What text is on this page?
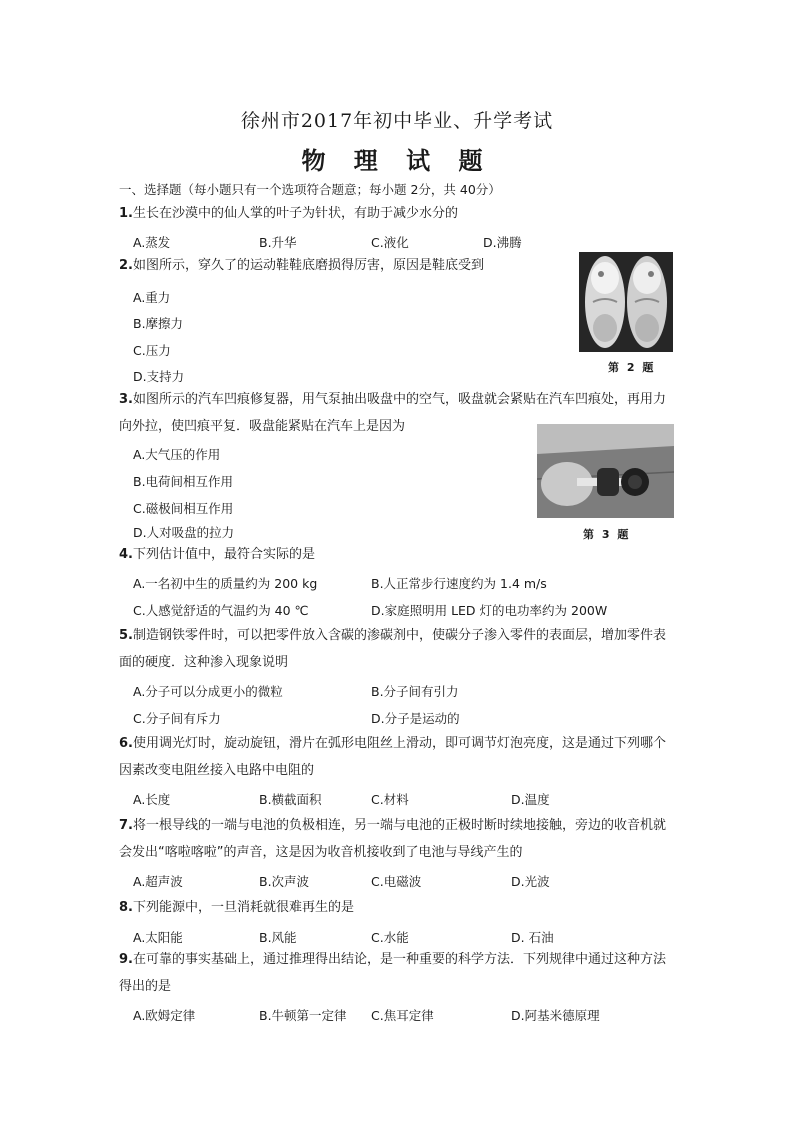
徐州市2017年初中毕业、升学考试
物 理 试 题
一、选择题（每小题只有一个选项符合题意；每小题 2分，共 40分）
1.生长在沙漠中的仙人掌的叶子为针状，有助于减少水分的
A.蒸发	B.升华	C.液化	D.沸腾
2.如图所示，穿久了的运动鞋鞋底磨损得厉害，原因是鞋底受到
A.重力
B.摩擦力
C.压力
D.支持力
第 2 题
3.如图所示的汽车凹痕修复器，用气泵抽出吸盘中的空气，吸盘就会紧贴在汽车凹痕处，再用力向外拉，使凹痕平复．吸盘能紧贴在汽车上是因为
A.大气压的作用
B.电荷间相互作用
C.磁极间相互作用
D.人对吸盘的拉力	第 3 题
4.下列估计值中，最符合实际的是
A.一名初中生的质量约为 200 kg	B.人正常步行速度约为 1.4 m/s
C.人感觉舒适的气温约为 40 ℃	D.家庭照明用 LED 灯的电功率约为 200W
5.制造钢铁零件时，可以把零件放入含碳的渗碳剂中，使碳分子渗入零件的表面层，增加零件表面的硬度．这种渗入现象说明
A.分子可以分成更小的微粒	B.分子间有引力
C.分子间有斥力	D.分子是运动的
6.使用调光灯时，旋动旋钮，滑片在弧形电阻丝上滑动，即可调节灯泡亮度，这是通过下列哪个因素改变电阻丝接入电路中电阻的
A.长度	B.横截面积	C.材料	D.温度
7.将一根导线的一端与电池的负极相连，另一端与电池的正极时断时续地接触，旁边的收音机就会发出“喀啦喀啦”的声音，这是因为收音机接收到了电池与导线产生的
A.超声波	B.次声波	C.电磁波	D.光波
8.下列能源中，一旦消耗就很难再生的是
A.太阳能	B.风能	C.水能	D. 石油
9.在可靠的事实基础上，通过推理得出结论，是一种重要的科学方法．下列规律中通过这种方法得出的是
A.欧姆定律	B.牛顿第一定律 C.焦耳定律	D.阿基米德原理
